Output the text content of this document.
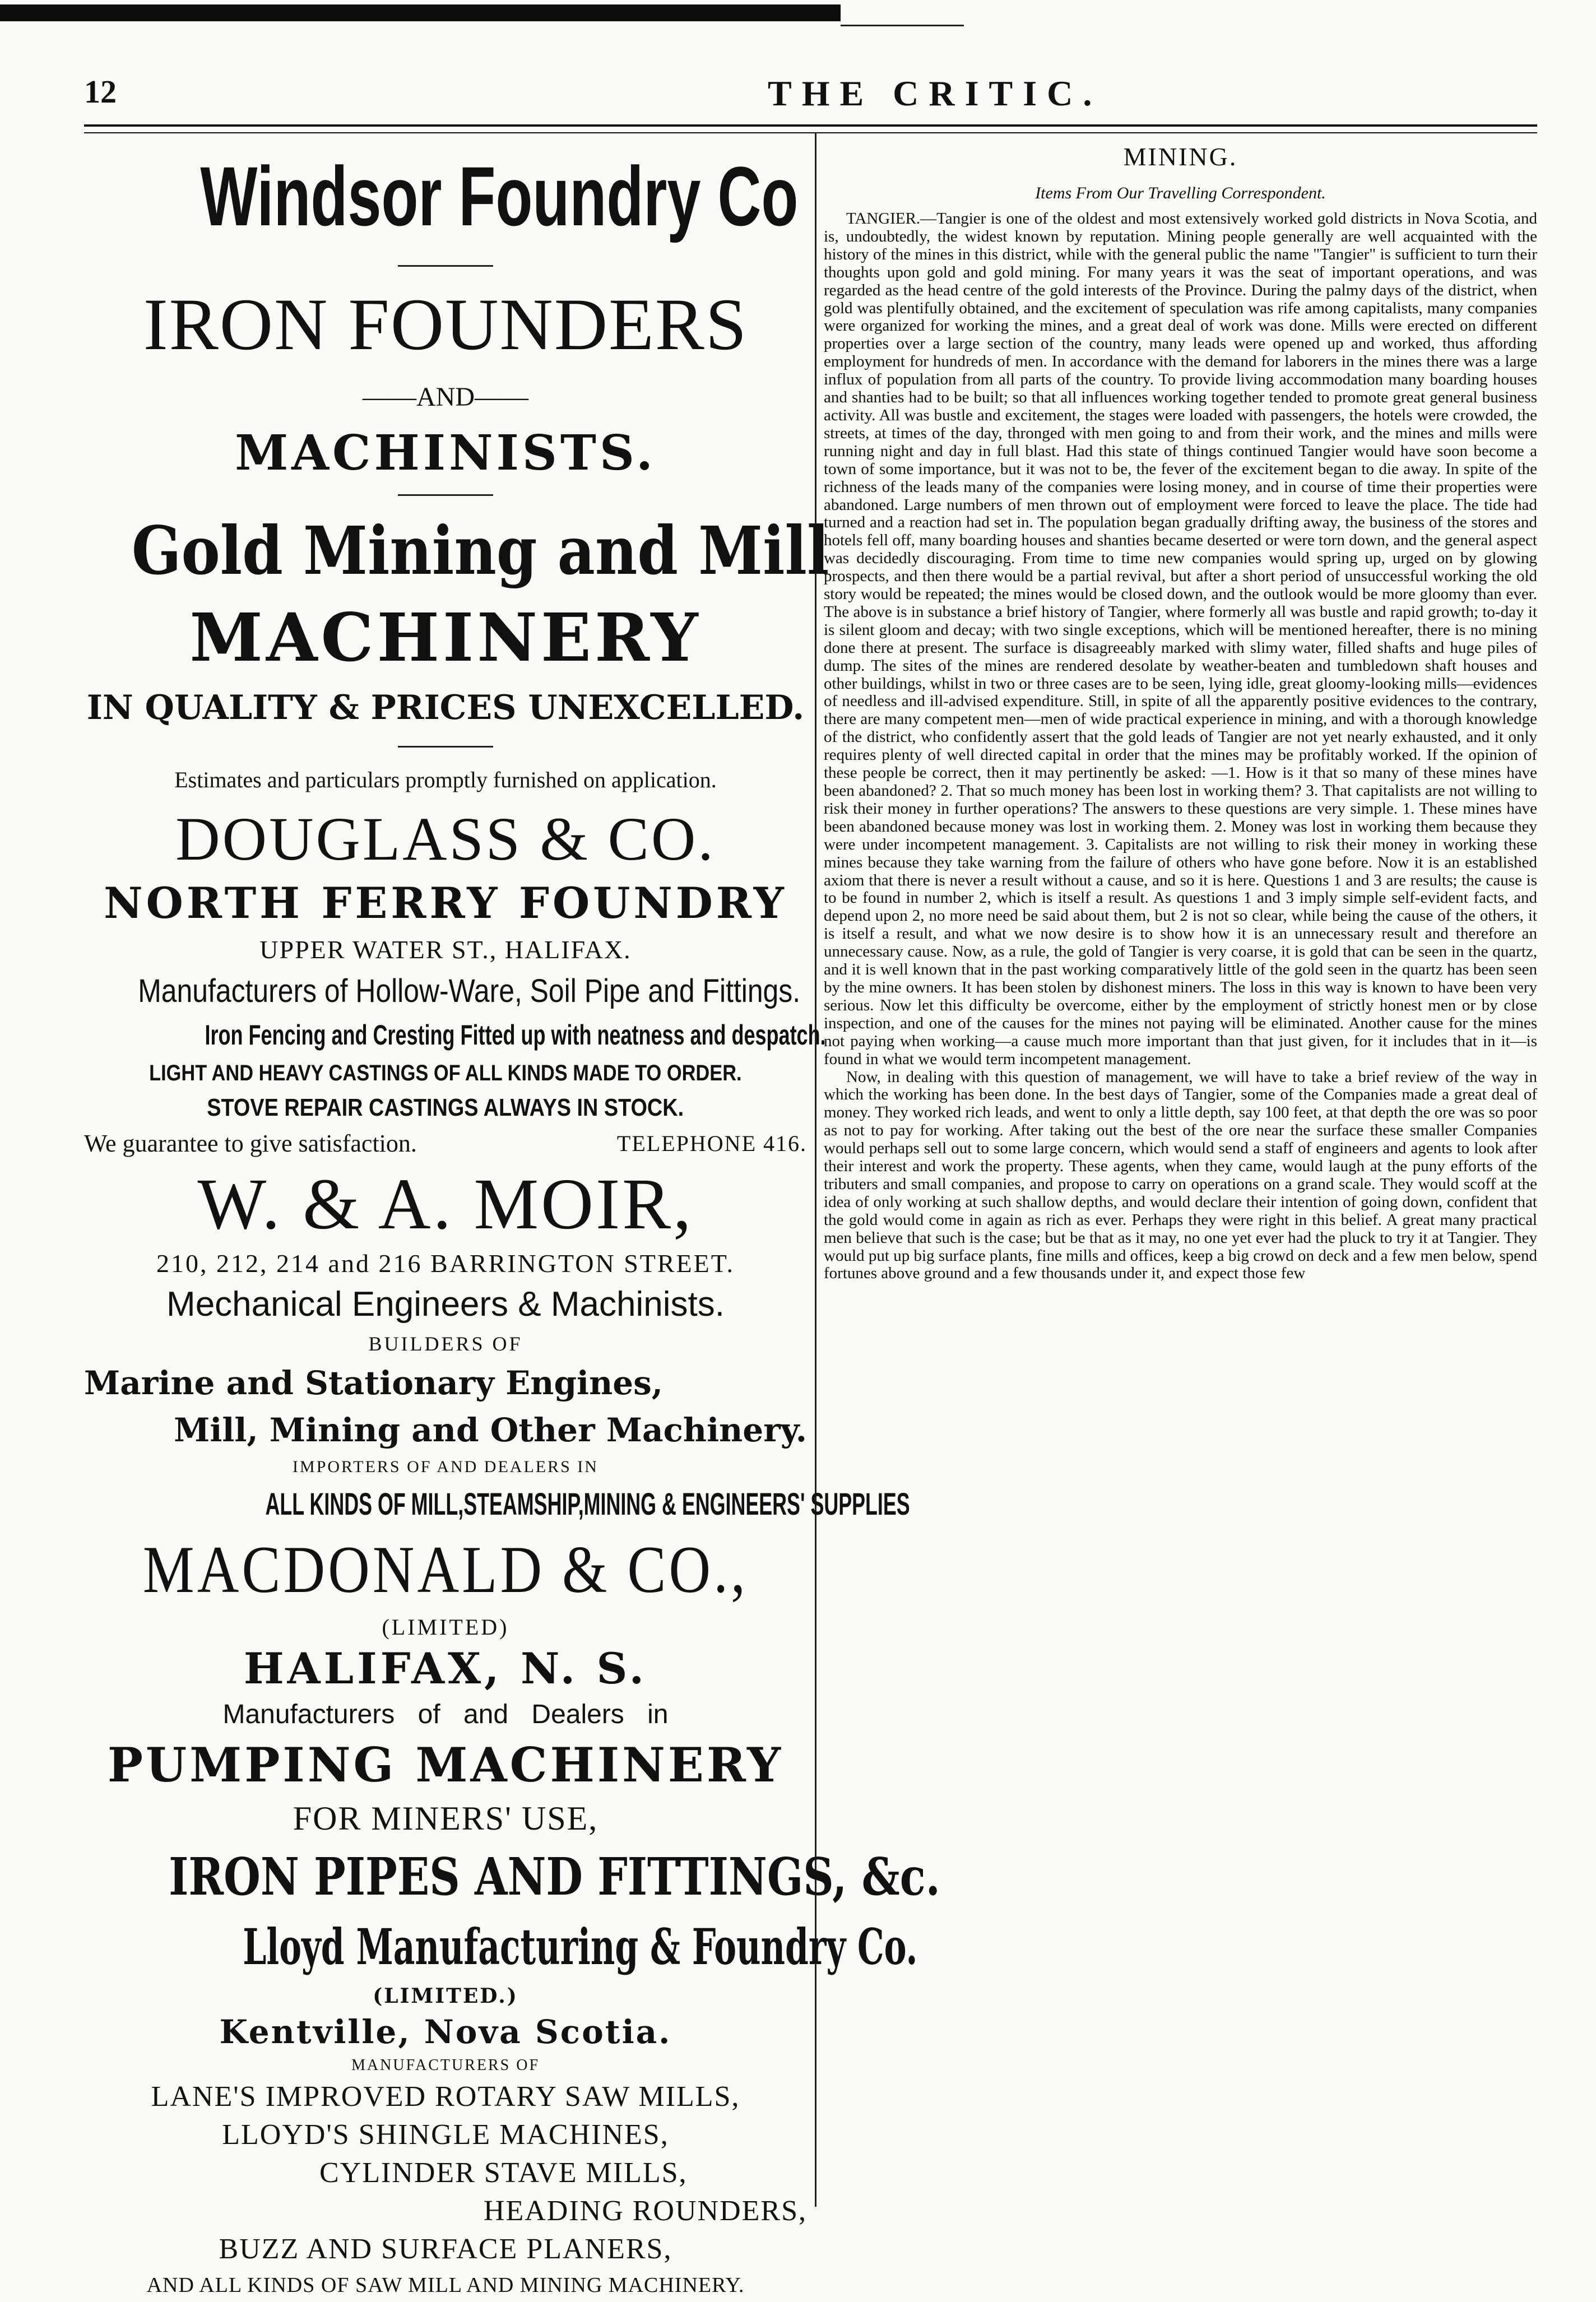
12	THE CRITIC.
Windsor Foundry Co
IRON FOUNDERS
——AND——
MACHINISTS.
Gold Mining and Mill
MACHINERY
IN QUALITY & PRICES UNEXCELLED.
Estimates and particulars promptly furnished on application.
DOUGLASS & CO.
NORTH FERRY FOUNDRY
UPPER WATER ST., HALIFAX.
Manufacturers of Hollow-Ware, Soil Pipe and Fittings.
Iron Fencing and Cresting Fitted up with neatness and despatch.
LIGHT AND HEAVY CASTINGS OF ALL KINDS MADE TO ORDER.
STOVE REPAIR CASTINGS ALWAYS IN STOCK.
We guarantee to give satisfaction.	TELEPHONE 416.
W. & A. MOIR,
210, 212, 214 and 216 BARRINGTON STREET.
Mechanical Engineers & Machinists.
BUILDERS OF
Marine and Stationary Engines,
Mill, Mining and Other Machinery.
IMPORTERS OF AND DEALERS IN
ALL KINDS OF MILL,STEAMSHIP,MINING & ENGINEERS' SUPPLIES
MACDONALD & CO.,
(LIMITED)
HALIFAX, N. S.
Manufacturers of and Dealers in
PUMPING MACHINERY
FOR MINERS' USE,
IRON PIPES AND FITTINGS, &c.
Lloyd Manufacturing & Foundry Co.
(LIMITED.)
Kentville, Nova Scotia.
MANUFACTURERS OF
LANE'S IMPROVED ROTARY SAW MILLS,
LLOYD'S SHINGLE MACHINES,
CYLINDER STAVE MILLS,
HEADING ROUNDERS,
BUZZ AND SURFACE PLANERS,
AND ALL KINDS OF SAW MILL AND MINING MACHINERY.
MINING.
Items From Our Travelling Correspondent.

TANGIER.—Tangier is one of the oldest and most extensively worked gold districts in Nova Scotia, and is, undoubtedly, the widest known by reputation. Mining people generally are well acquainted with the history of the mines in this district, while with the general public the name "Tangier" is sufficient to turn their thoughts upon gold and gold mining. For many years it was the seat of important operations, and was regarded as the head centre of the gold interests of the Province. During the palmy days of the district, when gold was plentifully obtained, and the excitement of speculation was rife among capitalists, many companies were organized for working the mines, and a great deal of work was done. Mills were erected on different properties over a large section of the country, many leads were opened up and worked, thus affording employment for hundreds of men. In accordance with the demand for laborers in the mines there was a large influx of population from all parts of the country. To provide living accommodation many boarding houses and shanties had to be built; so that all influences working together tended to promote great general business activity. All was bustle and excitement, the stages were loaded with passengers, the hotels were crowded, the streets, at times of the day, thronged with men going to and from their work, and the mines and mills were running night and day in full blast. Had this state of things continued Tangier would have soon become a town of some importance, but it was not to be, the fever of the excitement began to die away. In spite of the richness of the leads many of the companies were losing money, and in course of time their properties were abandoned. Large numbers of men thrown out of employment were forced to leave the place. The tide had turned and a reaction had set in. The population began gradually drifting away, the business of the stores and hotels fell off, many boarding houses and shanties became deserted or were torn down, and the general aspect was decidedly discouraging. From time to time new companies would spring up, urged on by glowing prospects, and then there would be a partial revival, but after a short period of unsuccessful working the old story would be repeated; the mines would be closed down, and the outlook would be more gloomy than ever. The above is in substance a brief history of Tangier, where formerly all was bustle and rapid growth; to-day it is silent gloom and decay; with two single exceptions, which will be mentioned hereafter, there is no mining done there at present. The surface is disagreeably marked with slimy water, filled shafts and huge piles of dump. The sites of the mines are rendered desolate by weather-beaten and tumbledown shaft houses and other buildings, whilst in two or three cases are to be seen, lying idle, great gloomy-looking mills—evidences of needless and ill-advised expenditure. Still, in spite of all the apparently positive evidences to the contrary, there are many competent men—men of wide practical experience in mining, and with a thorough knowledge of the district, who confidently assert that the gold leads of Tangier are not yet nearly exhausted, and it only requires plenty of well directed capital in order that the mines may be profitably worked. If the opinion of these people be correct, then it may pertinently be asked: —1. How is it that so many of these mines have been abandoned? 2. That so much money has been lost in working them? 3. That capitalists are not willing to risk their money in further operations? The answers to these questions are very simple. 1. These mines have been abandoned because money was lost in working them. 2. Money was lost in working them because they were under incompetent management. 3. Capitalists are not willing to risk their money in working these mines because they take warning from the failure of others who have gone before. Now it is an established axiom that there is never a result without a cause, and so it is here. Questions 1 and 3 are results; the cause is to be found in number 2, which is itself a result. As questions 1 and 3 imply simple self-evident facts, and depend upon 2, no more need be said about them, but 2 is not so clear, while being the cause of the others, it is itself a result, and what we now desire is to show how it is an unnecessary result and therefore an unnecessary cause. Now, as a rule, the gold of Tangier is very coarse, it is gold that can be seen in the quartz, and it is well known that in the past working comparatively little of the gold seen in the quartz has been seen by the mine owners. It has been stolen by dishonest miners. The loss in this way is known to have been very serious. Now let this difficulty be overcome, either by the employment of strictly honest men or by close inspection, and one of the causes for the mines not paying will be eliminated. Another cause for the mines not paying when working—a cause much more important than that just given, for it includes that in it—is found in what we would term incompetent management.

Now, in dealing with this question of management, we will have to take a brief review of the way in which the working has been done. In the best days of Tangier, some of the Companies made a great deal of money. They worked rich leads, and went to only a little depth, say 100 feet, at that depth the ore was so poor as not to pay for working. After taking out the best of the ore near the surface these smaller Companies would perhaps sell out to some large concern, which would send a staff of engineers and agents to look after their interest and work the property. These agents, when they came, would laugh at the puny efforts of the tributers and small companies, and propose to carry on operations on a grand scale. They would scoff at the idea of only working at such shallow depths, and would declare their intention of going down, confident that the gold would come in again as rich as ever. Perhaps they were right in this belief. A great many practical men believe that such is the case; but be that as it may, no one yet ever had the pluck to try it at Tangier. They would put up big surface plants, fine mills and offices, keep a big crowd on deck and a few men below, spend fortunes above ground and a few thousands under it, and expect those few
